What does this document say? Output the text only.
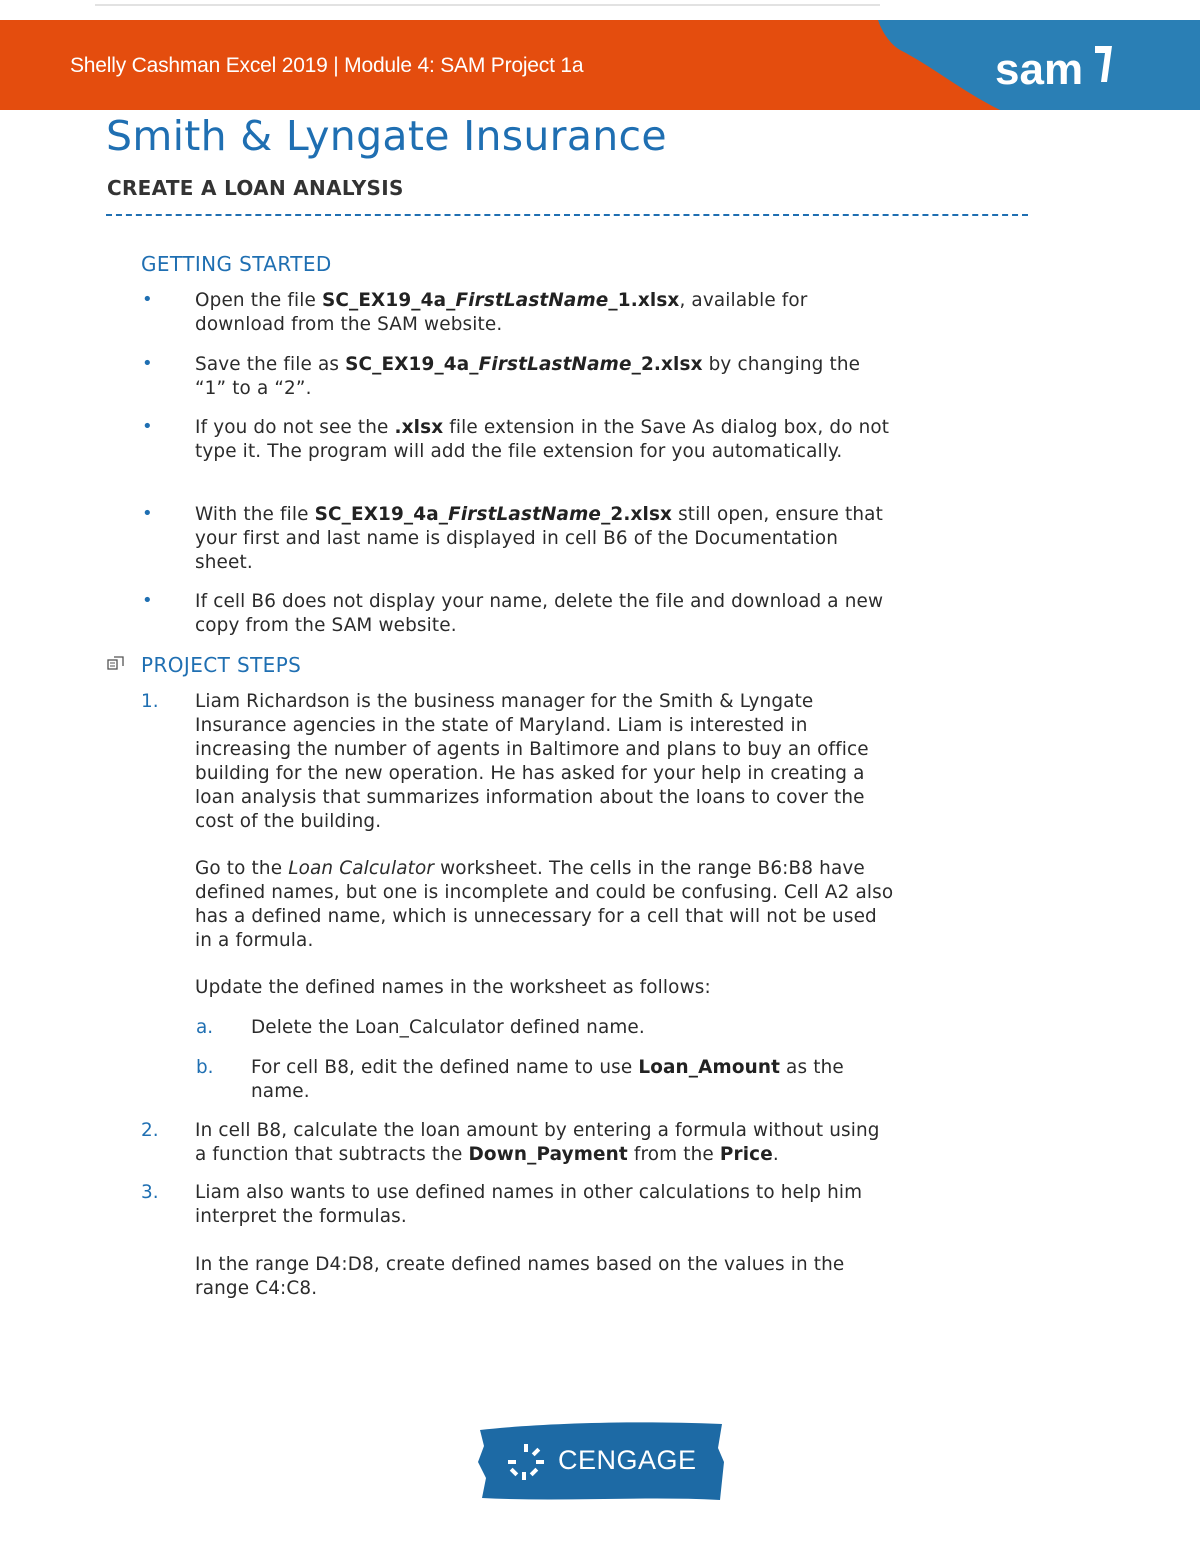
Shelly Cashman Excel 2019 | Module 4: SAM Project 1a	sam
Smith & Lyngate Insurance
CREATE A LOAN ANALYSIS
GETTING STARTED
• Open the file SC_EX19_4a_FirstLastName_1.xlsx, available for download from the SAM website.
• Save the file as SC_EX19_4a_FirstLastName_2.xlsx by changing the “1” to a “2”.
• If you do not see the .xlsx file extension in the Save As dialog box, do not type it. The program will add the file extension for you automatically.
• With the file SC_EX19_4a_FirstLastName_2.xlsx still open, ensure that your first and last name is displayed in cell B6 of the Documentation sheet.
• If cell B6 does not display your name, delete the file and download a new copy from the SAM website.
PROJECT STEPS
1. Liam Richardson is the business manager for the Smith & Lyngate Insurance agencies in the state of Maryland. Liam is interested in increasing the number of agents in Baltimore and plans to buy an office building for the new operation. He has asked for your help in creating a loan analysis that summarizes information about the loans to cover the cost of the building.
Go to the Loan Calculator worksheet. The cells in the range B6:B8 have defined names, but one is incomplete and could be confusing. Cell A2 also has a defined name, which is unnecessary for a cell that will not be used in a formula.
Update the defined names in the worksheet as follows:
a. Delete the Loan_Calculator defined name.
b. For cell B8, edit the defined name to use Loan_Amount as the name.
2. In cell B8, calculate the loan amount by entering a formula without using a function that subtracts the Down_Payment from the Price.
3. Liam also wants to use defined names in other calculations to help him interpret the formulas.
In the range D4:D8, create defined names based on the values in the range C4:C8.
CENGAGE
